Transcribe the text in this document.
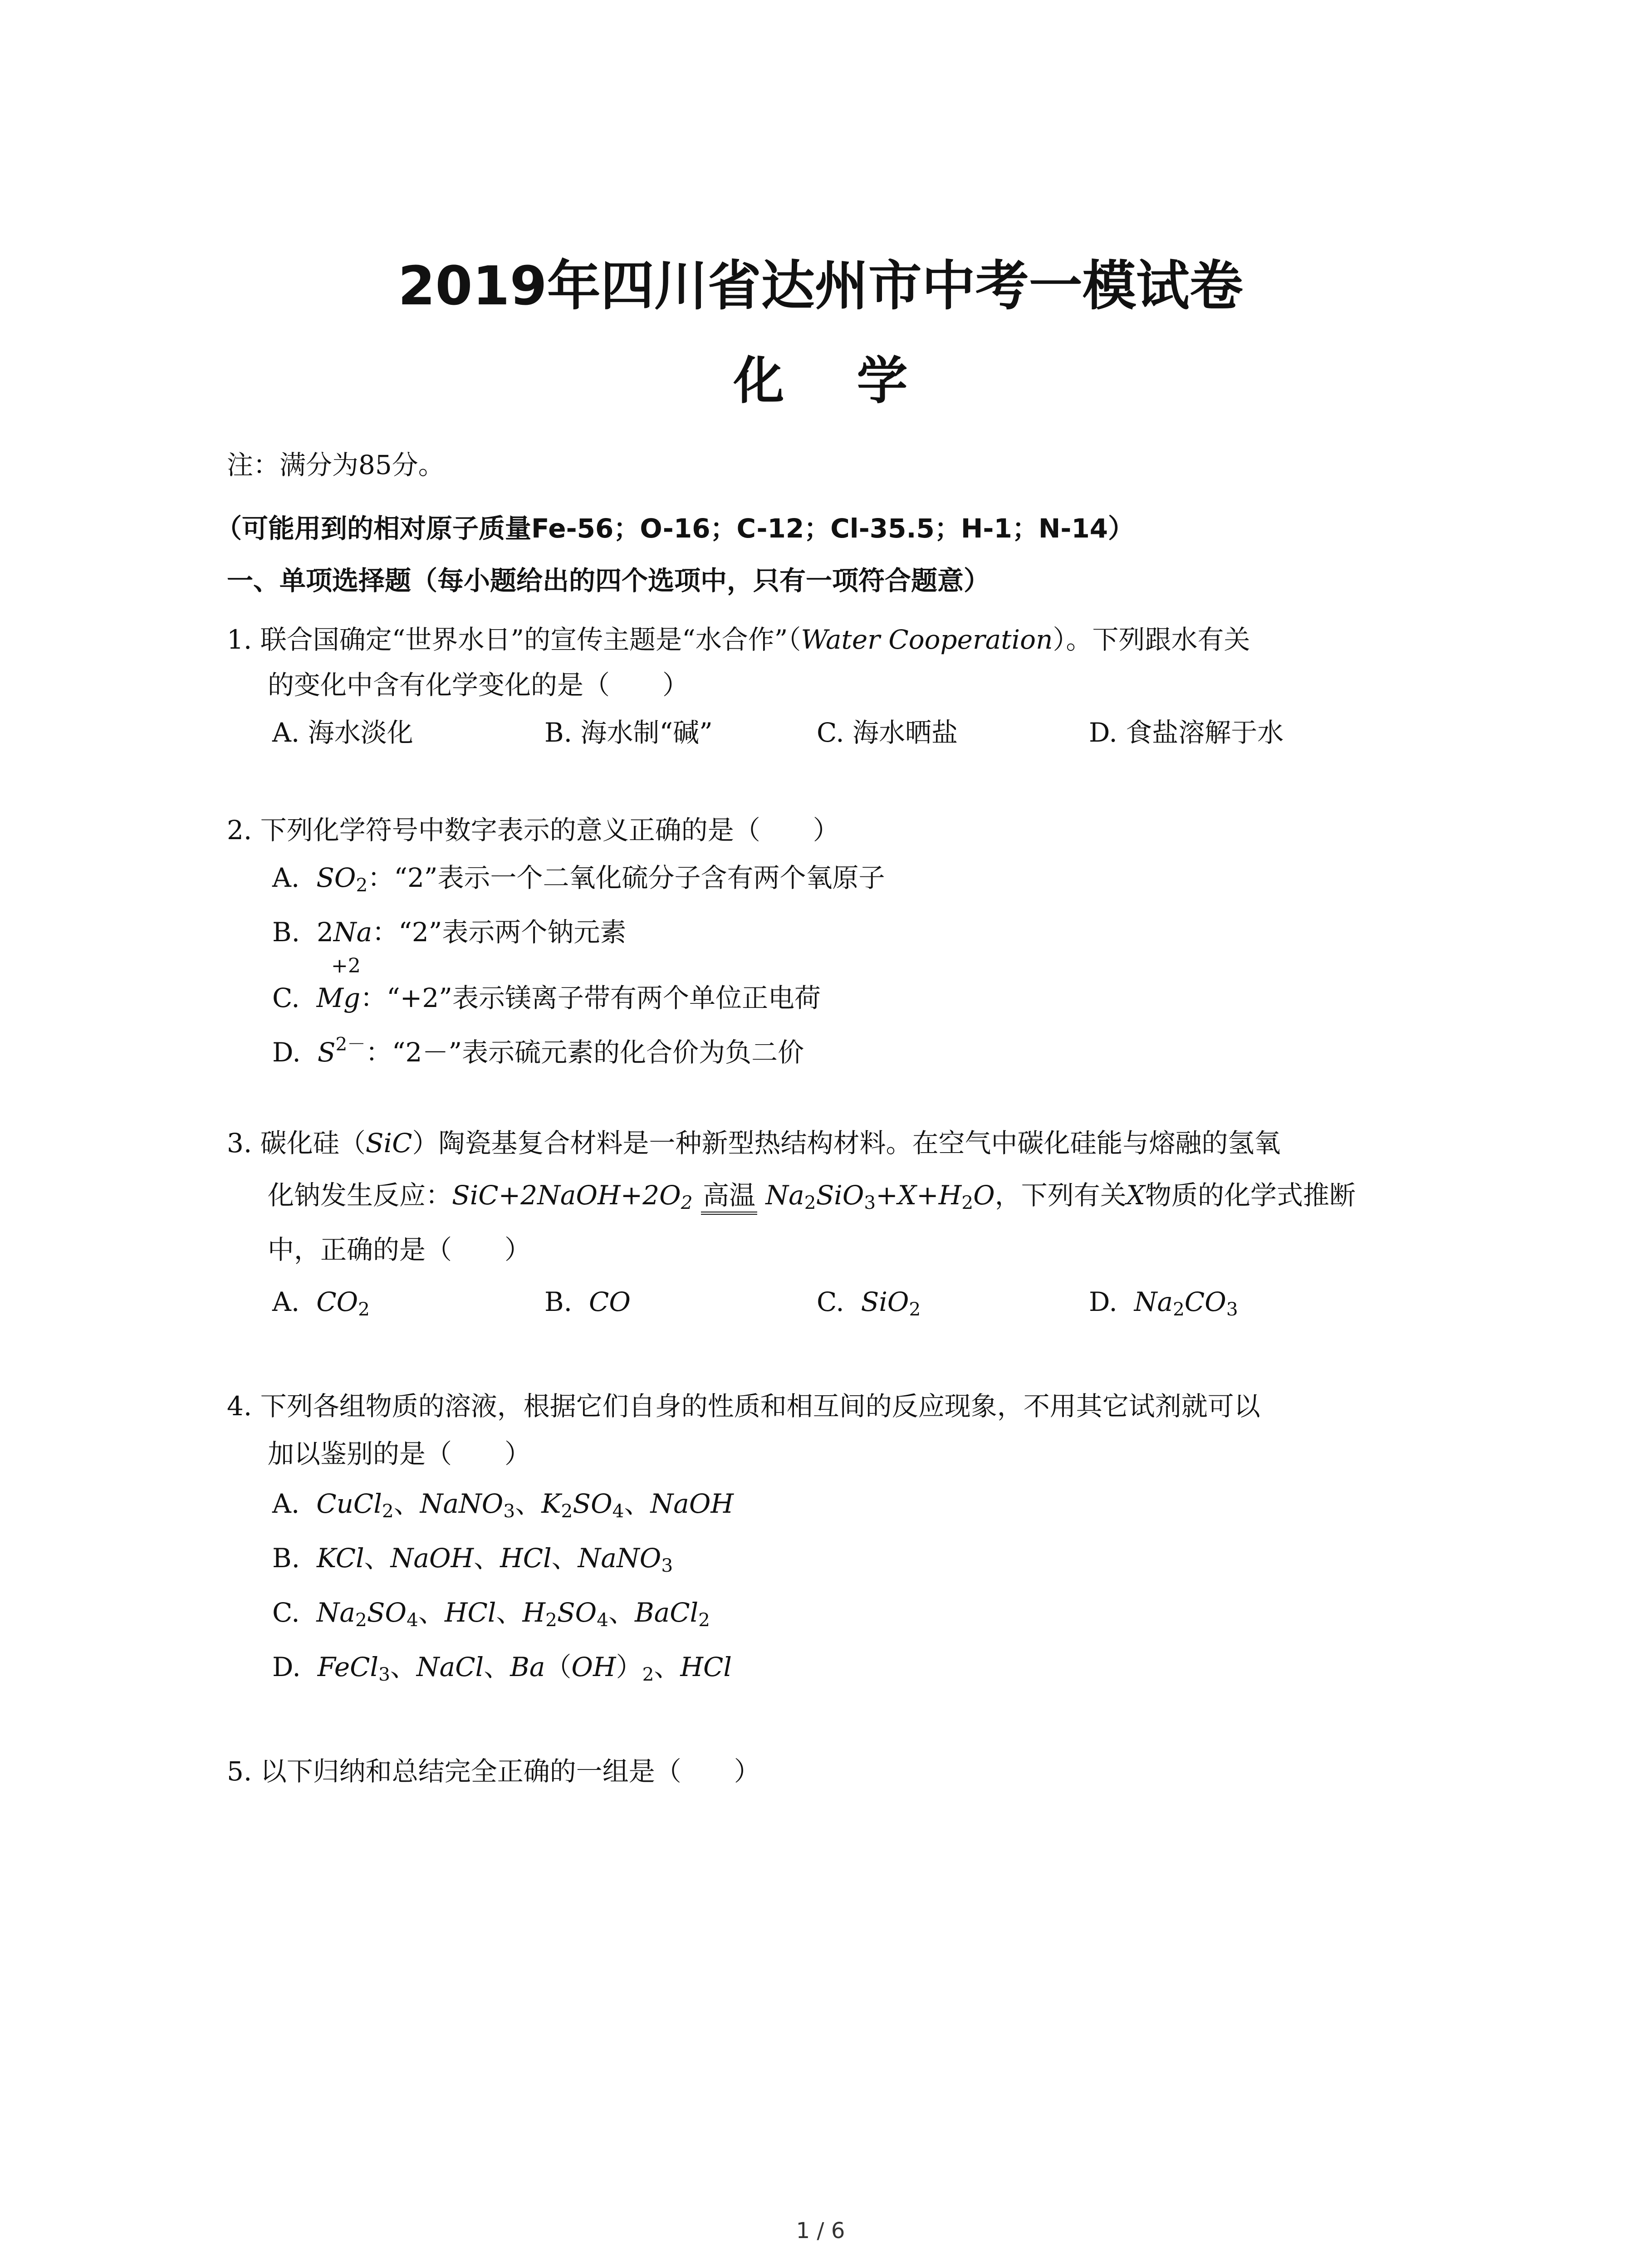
2019年四川省达州市中考一模试卷
化学
注：满分为85分。
（可能用到的相对原子质量Fe-56；O-16；C-12；Cl-35.5；H-1；N-14）
一、单项选择题（每小题给出的四个选项中，只有一项符合题意）
1. 联合国确定“世界水日”的宣传主题是“水合作”（Water Cooperation）。下列跟水有关
的变化中含有化学变化的是（　　）
A. 海水淡化	B. 海水制“碱”	C. 海水晒盐	D. 食盐溶解于水
2. 下列化学符号中数字表示的意义正确的是（　　）
A. $SO_2$：“2”表示一个二氧化硫分子含有两个氧原子
B. 2Na：“2”表示两个钠元素
+2
C. Mg：“+2”表示镁离子带有两个单位正电荷
D. $S^{2-}$：“2－”表示硫元素的化合价为负二价
3. 碳化硅（SiC）陶瓷基复合材料是一种新型热结构材料。在空气中碳化硅能与熔融的氢氧
化钠发生反应：$SiC+2NaOH+2O_2$ 高温 $Na_2SiO_3+X+H_2O$，下列有关X物质的化学式推断
中，正确的是（　　）
A. $CO_2$	B. CO	C. SiO$_2$	D. $Na_2CO_3$
4. 下列各组物质的溶液，根据它们自身的性质和相互间的反应现象，不用其它试剂就可以
加以鉴别的是（　　）
A. CuCl$_2$、NaNO$_3$、$K_2SO_4$、NaOH
B. KCl、NaOH、HCl、NaNO$_3$
C. $Na_2SO_4$、HCl、$H_2SO_4$、BaCl$_2$
D. FeCl$_3$、NaCl、$Ba(OH)_2$、HCl
5. 以下归纳和总结完全正确的一组是（　　）
1 / 6
